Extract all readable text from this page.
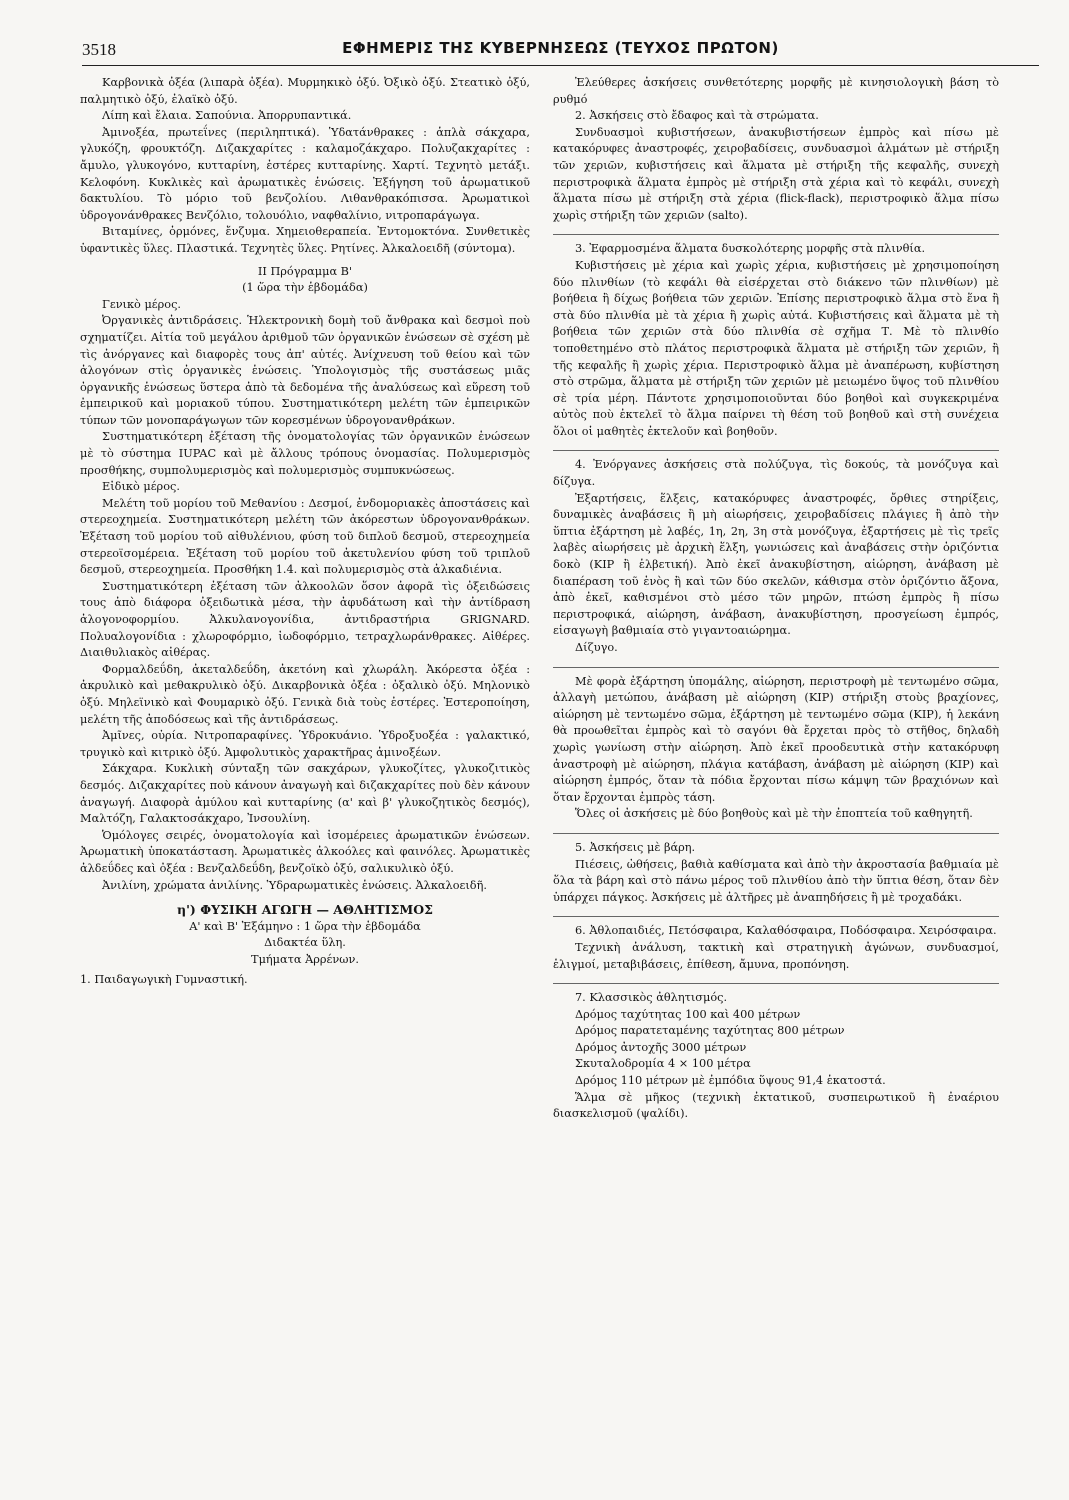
3518	ΕΦΗΜΕΡΙΣ ΤΗΣ ΚΥΒΕΡΝΗΣΕΩΣ (ΤΕΥΧΟΣ ΠΡΩΤΟΝ)

Καρβονικὰ ὀξέα (λιπαρὰ ὀξέα). Μυρμηκικὸ ὀξύ. Ὀξικὸ ὀξύ. Στεατικὸ ὀξύ, παλμητικὸ ὀξύ, ἐλαϊκὸ ὀξύ.

Λίπη καὶ ἔλαια. Σαπούνια. Ἀπορρυπαντικά.

Ἀμινοξέα, πρωτεΐνες (περιληπτικά). Ὑδατάνθρακες : ἁπλὰ σάκχαρα, γλυκόζη, φρουκτόζη. Διζακχαρίτες : καλαμοζάκχαρο. Πολυζακχαρίτες : ἄμυλο, γλυκογόνο, κυτταρίνη, ἐστέρες κυτταρίνης. Χαρτί. Τεχνητὸ μετάξι. Κελοφόνη. Κυκλικὲς καὶ ἀρωματικὲς ἑνώσεις. Ἐξήγηση τοῦ ἀρωματικοῦ δακτυλίου. Τὸ μόριο τοῦ βενζολίου. Λιθανθρακόπισσα. Ἀρωματικοὶ ὑδρογονάνθρακες Βενζόλιο, τολουόλιο, ναφθαλίνιο, νιτροπαράγωγα.

Βιταμίνες, ὁρμόνες, ἔνζυμα. Χημειοθεραπεία. Ἐντομοκτόνα. Συνθετικὲς ὑφαντικὲς ὕλες. Πλαστικά. Τεχνητὲς ὕλες. Ρητίνες. Ἀλκαλοειδῆ (σύντομα).

ΙΙ Πρόγραμμα Β'

(1 ὥρα τὴν ἑβδομάδα)

Γενικὸ μέρος.

Ὀργανικὲς ἀντιδράσεις. Ἡλεκτρονικὴ δομὴ τοῦ ἄνθρακα καὶ δεσμοὶ ποὺ σχηματίζει. Αἰτία τοῦ μεγάλου ἀριθμοῦ τῶν ὀργανικῶν ἑνώσεων σὲ σχέση μὲ τὶς ἀνόργανες καὶ διαφορὲς τους ἀπ' αὐτές. Ἀνίχνευση τοῦ θείου καὶ τῶν ἀλογόνων στὶς ὀργανικὲς ἑνώσεις. Ὑπολογισμὸς τῆς συστάσεως μιᾶς ὀργανικῆς ἑνώσεως ὕστερα ἀπὸ τὰ δεδομένα τῆς ἀναλύσεως καὶ εὕρεση τοῦ ἐμπειρικοῦ καὶ μοριακοῦ τύπου. Συστηματικότερη μελέτη τῶν ἐμπειρικῶν τύπων τῶν μονοπαράγωγων τῶν κορεσμένων ὑδρογονανθράκων.

Συστηματικότερη ἐξέταση τῆς ὀνοματολογίας τῶν ὀργανικῶν ἑνώσεων μὲ τὸ σύστημα IUPAC καὶ μὲ ἄλλους τρόπους ὀνομασίας. Πολυμερισμὸς προσθήκης, συμπολυμερισμὸς καὶ πολυμερισμὸς συμπυκνώσεως.

Εἰδικὸ μέρος.

Μελέτη τοῦ μορίου τοῦ Μεθανίου : Δεσμοί, ἐνδομοριακὲς ἀποστάσεις καὶ στερεοχημεία. Συστηματικότερη μελέτη τῶν ἀκόρεστων ὑδρογονανθράκων. Ἐξέταση τοῦ μορίου τοῦ αἰθυλένιου, φύση τοῦ διπλοῦ δεσμοῦ, στερεοχημεία στερεοϊσομέρεια. Ἐξέταση τοῦ μορίου τοῦ ἀκετυλενίου φύση τοῦ τριπλοῦ δεσμοῦ, στερεοχημεία. Προσθήκη 1.4. καὶ πολυμερισμὸς στὰ ἀλκαδιένια.

Συστηματικότερη ἐξέταση τῶν ἀλκοολῶν ὅσον ἀφορᾶ τὶς ὀξειδώσεις τους ἀπὸ διάφορα ὀξειδωτικὰ μέσα, τὴν ἀφυδάτωση καὶ τὴν ἀντίδραση ἀλογονοφορμίου. Ἀλκυλανογονίδια, ἀντιδραστήρια GRIGNARD. Πολυαλογονίδια : χλωροφόρμιο, ἰωδοφόρμιο, τετραχλωράνθρακες. Αἰθέρες. Διαιθυλιακὸς αἰθέρας.

Φορμαλδεΰδη, ἀκεταλδεΰδη, ἀκετόνη καὶ χλωράλη. Ἀκόρεστα ὀξέα : ἀκρυλικὸ καὶ μεθακρυλικὸ ὀξύ. Δικαρβονικὰ ὀξέα : ὀξαλικὸ ὀξύ. Μηλονικὸ ὀξύ. Μηλεϊνικὸ καὶ Φουμαρικὸ ὀξύ. Γενικὰ διὰ τοὺς ἐστέρες. Ἐστεροποίηση, μελέτη τῆς ἀποδόσεως καὶ τῆς ἀντιδράσεως.

Ἀμῖνες, οὐρία. Νιτροπαραφίνες. Ὑδροκυάνιο. Ὑδροξυοξέα : γαλακτικό, τρυγικὸ καὶ κιτρικὸ ὀξύ. Ἀμφολυτικὸς χαρακτῆρας ἀμινοξέων.

Σάκχαρα. Κυκλικὴ σύνταξη τῶν σακχάρων, γλυκοζίτες, γλυκοζιτικὸς δεσμός. Διζακχαρίτες ποὺ κάνουν ἀναγωγὴ καὶ διζακχαρίτες ποὺ δὲν κάνουν ἀναγωγή. Διαφορὰ ἀμύλου καὶ κυτταρίνης (α' καὶ β' γλυκοζητικὸς δεσμός), Μαλτόζη, Γαλακτοσάκχαρο, Ἰνσουλίνη.

Ὁμόλογες σειρές, ὀνοματολογία καὶ ἰσομέρειες ἀρωματικῶν ἑνώσεων. Ἀρωματικὴ ὑποκατάσταση. Ἀρωματικὲς ἀλκοόλες καὶ φαινόλες. Ἀρωματικὲς ἀλδεΰδες καὶ ὀξέα : Βενζαλδεΰδη, βενζοϊκὸ ὀξύ, σαλικυλικὸ ὀξύ.

Ἀνιλίνη, χρώματα ἀνιλίνης. Ὑδραρωματικὲς ἑνώσεις. Ἀλκαλοειδῆ.

η') ΦΥΣΙΚΗ ΑΓΩΓΗ — ΑΘΛΗΤΙΣΜΟΣ

Α' καὶ Β' Ἑξάμηνο : 1 ὥρα τὴν ἑβδομάδα

Διδακτέα ὕλη.

Τμήματα Ἀρρένων.

1. Παιδαγωγικὴ Γυμναστική.

Ἐλεύθερες ἀσκήσεις συνθετότερης μορφῆς μὲ κινησιολογικὴ βάση τὸ ρυθμό

2. Ἀσκήσεις στὸ ἔδαφος καὶ τὰ στρώματα.

Συνδυασμοὶ κυβιστήσεων, ἀνακυβιστήσεων ἐμπρὸς καὶ πίσω μὲ κατακόρυφες ἀναστροφές, χειροβαδίσεις, συνδυασμοὶ ἁλμάτων μὲ στήριξη τῶν χεριῶν, κυβιστήσεις καὶ ἅλματα μὲ στήριξη τῆς κεφαλῆς, συνεχὴ περιστροφικὰ ἅλματα ἐμπρὸς μὲ στήριξη στὰ χέρια καὶ τὸ κεφάλι, συνεχὴ ἅλματα πίσω μὲ στήριξη στὰ χέρια (flick-flack), περιστροφικὸ ἅλμα πίσω χωρὶς στήριξη τῶν χεριῶν (salto).

3. Ἐφαρμοσμένα ἅλματα δυσκολότερης μορφῆς στὰ πλινθία.

Κυβιστήσεις μὲ χέρια καὶ χωρὶς χέρια, κυβιστήσεις μὲ χρησιμοποίηση δύο πλινθίων (τὸ κεφάλι θὰ εἰσέρχεται στὸ διάκενο τῶν πλινθίων) μὲ βοήθεια ἢ δίχως βοήθεια τῶν χεριῶν. Ἐπίσης περιστροφικὸ ἅλμα στὸ ἕνα ἢ στὰ δύο πλινθία μὲ τὰ χέρια ἢ χωρὶς αὐτά. Κυβιστήσεις καὶ ἅλματα μὲ τὴ βοήθεια τῶν χεριῶν στὰ δύο πλινθία σὲ σχῆμα Τ. Μὲ τὸ πλινθίο τοποθετημένο στὸ πλάτος περιστροφικὰ ἅλματα μὲ στήριξη τῶν χεριῶν, ἢ τῆς κεφαλῆς ἢ χωρὶς χέρια. Περιστροφικὸ ἅλμα μὲ ἀναπέρωση, κυβίστηση στὸ στρῶμα, ἅλματα μὲ στήριξη τῶν χεριῶν μὲ μειωμένο ὕψος τοῦ πλινθίου σὲ τρία μέρη. Πάντοτε χρησιμοποιοῦνται δύο βοηθοὶ καὶ συγκεκριμένα αὐτὸς ποὺ ἐκτελεῖ τὸ ἅλμα παίρνει τὴ θέση τοῦ βοηθοῦ καὶ στὴ συνέχεια ὅλοι οἱ μαθητὲς ἐκτελοῦν καὶ βοηθοῦν.

4. Ἐνόργανες ἀσκήσεις στὰ πολύζυγα, τὶς δοκούς, τὰ μονόζυγα καὶ δίζυγα.

Ἐξαρτήσεις, ἕλξεις, κατακόρυφες ἀναστροφές, ὄρθιες στηρίξεις, δυναμικὲς ἀναβάσεις ἢ μὴ αἰωρήσεις, χειροβαδίσεις πλάγιες ἢ ἀπὸ τὴν ὕπτια ἐξάρτηση μὲ λαβές, 1η, 2η, 3η στὰ μονόζυγα, ἐξαρτήσεις μὲ τὶς τρεῖς λαβὲς αἰωρήσεις μὲ ἀρχικὴ ἕλξη, γωνιώσεις καὶ ἀναβάσεις στὴν ὁριζόντια δοκὸ (ΚΙΡ ἢ ἑλβετική). Ἀπὸ ἐκεῖ ἀνακυβίστηση, αἰώρηση, ἀνάβαση μὲ διαπέραση τοῦ ἑνὸς ἢ καὶ τῶν δύο σκελῶν, κάθισμα στὸν ὁριζόντιο ἄξονα, ἀπὸ ἐκεῖ, καθισμένοι στὸ μέσο τῶν μηρῶν, πτώση ἐμπρὸς ἢ πίσω περιστροφικά, αἰώρηση, ἀνάβαση, ἀνακυβίστηση, προσγείωση ἐμπρός, εἰσαγωγὴ βαθμιαία στὸ γιγαντοαιώρημα.

Δίζυγο.

Μὲ φορὰ ἐξάρτηση ὑπομάλης, αἰώρηση, περιστροφὴ μὲ τεντωμένο σῶμα, ἀλλαγὴ μετώπου, ἀνάβαση μὲ αἰώρηση (ΚΙΡ) στήριξη στοὺς βραχίονες, αἰώρηση μὲ τεντωμένο σῶμα, ἐξάρτηση μὲ τεντωμένο σῶμα (ΚΙΡ), ἡ λεκάνη θὰ προωθεῖται ἐμπρὸς καὶ τὸ σαγόνι θὰ ἔρχεται πρὸς τὸ στῆθος, δηλαδὴ χωρὶς γωνίωση στὴν αἰώρηση. Ἀπὸ ἐκεῖ προοδευτικὰ στὴν κατακόρυφη ἀναστροφὴ μὲ αἰώρηση, πλάγια κατάβαση, ἀνάβαση μὲ αἰώρηση (ΚΙΡ) καὶ αἰώρηση ἐμπρός, ὅταν τὰ πόδια ἔρχονται πίσω κάμψη τῶν βραχιόνων καὶ ὅταν ἔρχονται ἐμπρὸς τάση.

Ὅλες οἱ ἀσκήσεις μὲ δύο βοηθοὺς καὶ μὲ τὴν ἐποπτεία τοῦ καθηγητῆ.

5. Ἀσκήσεις μὲ βάρη.

Πιέσεις, ὠθήσεις, βαθιὰ καθίσματα καὶ ἀπὸ τὴν ἀκροστασία βαθμιαία μὲ ὅλα τὰ βάρη καὶ στὸ πάνω μέρος τοῦ πλινθίου ἀπὸ τὴν ὕπτια θέση, ὅταν δὲν ὑπάρχει πάγκος. Ἀσκήσεις μὲ ἀλτῆρες μὲ ἀναπηδήσεις ἢ μὲ τροχαδάκι.

6. Ἀθλοπαιδιές, Πετόσφαιρα, Καλαθόσφαιρα, Ποδόσφαιρα. Χειρόσφαιρα.

Τεχνικὴ ἀνάλυση, τακτικὴ καὶ στρατηγικὴ ἀγώνων, συνδυασμοί, ἑλιγμοί, μεταβιβάσεις, ἐπίθεση, ἄμυνα, προπόνηση.

7. Κλασσικὸς ἀθλητισμός.

Δρόμος ταχύτητας 100 καὶ 400 μέτρων

Δρόμος παρατεταμένης ταχύτητας 800 μέτρων

Δρόμος ἀντοχῆς 3000 μέτρων

Σκυταλοδρομία 4 × 100 μέτρα

Δρόμος 110 μέτρων μὲ ἐμπόδια ὕψους 91,4 ἑκατοστά.

Ἅλμα σὲ μῆκος (τεχνικὴ ἐκτατικοῦ, συσπειρωτικοῦ ἢ ἐναέριου διασκελισμοῦ (ψαλίδι).
